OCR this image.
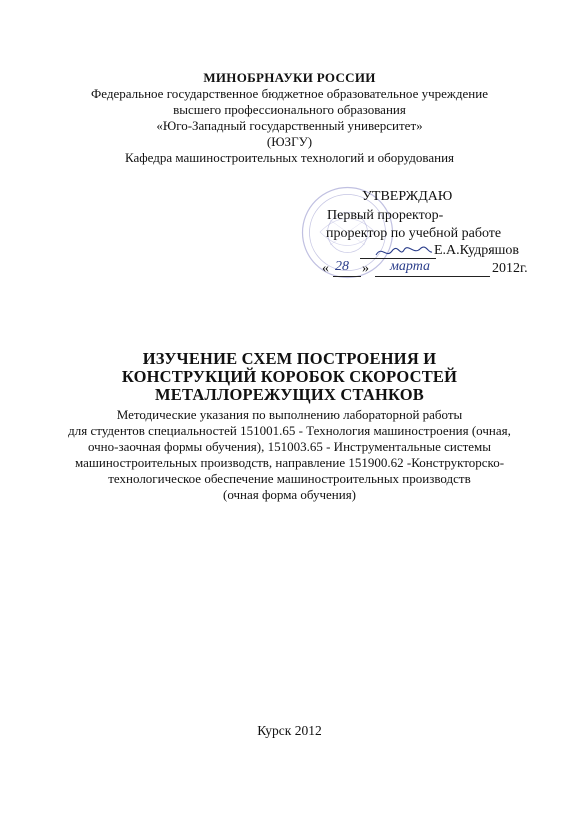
МИНОБРНАУКИ РОССИИ
Федеральное государственное бюджетное образовательное учреждение
высшего профессионального образования
«Юго-Западный государственный университет»
(ЮЗГУ)
Кафедра машиностроительных технологий и оборудования
УТВЕРЖДАЮ
Первый проректор-
проректор по учебной работе
Е.А.Кудряшов
« 28 » марта	2012г.
ИЗУЧЕНИЕ СХЕМ ПОСТРОЕНИЯ И
КОНСТРУКЦИЙ КОРОБОК СКОРОСТЕЙ
МЕТАЛЛОРЕЖУЩИХ СТАНКОВ
Методические указания по выполнению лабораторной работы
для студентов специальностей 151001.65 - Технология машиностроения (очная,
очно-заочная формы обучения), 151003.65 - Инструментальные системы
машиностроительных производств, направление 151900.62 -Конструкторско-
технологическое обеспечение машиностроительных производств
(очная форма обучения)
Курск 2012
